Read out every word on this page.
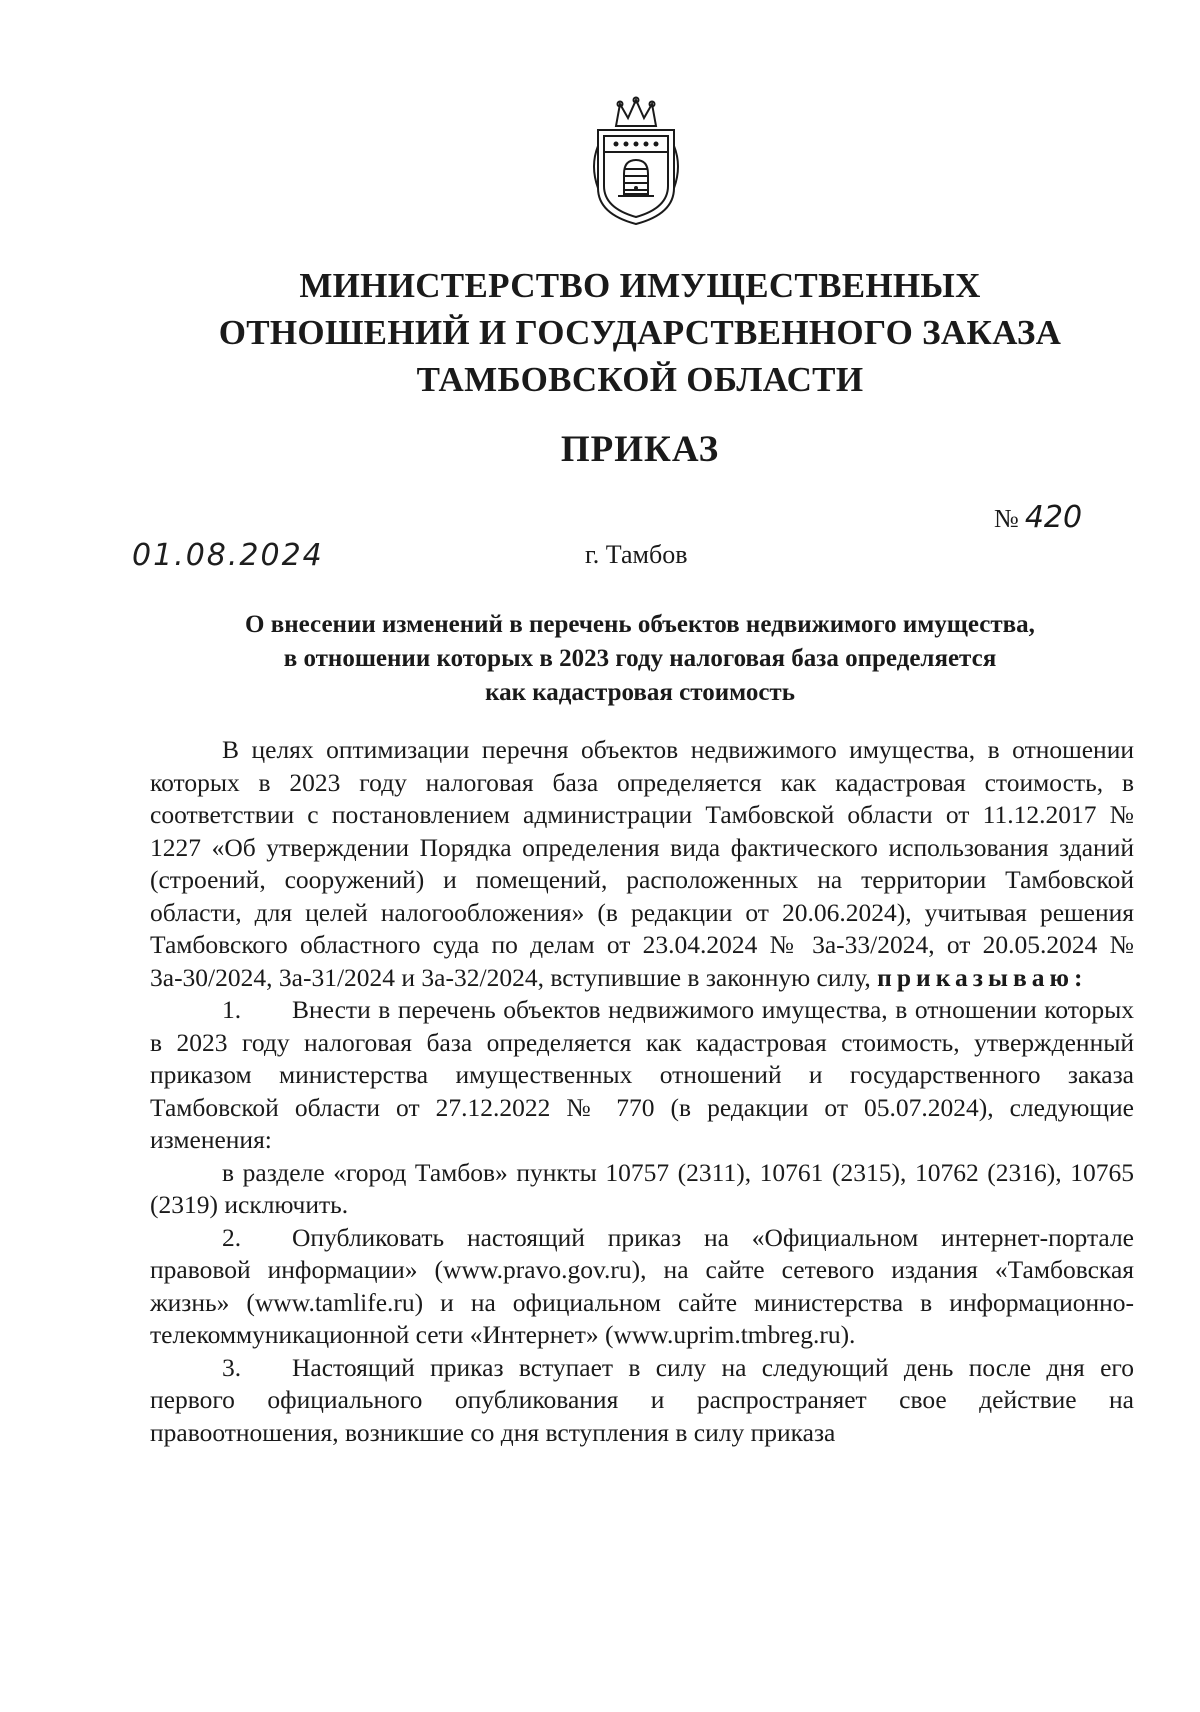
МИНИСТЕРСТВО ИМУЩЕСТВЕННЫХ
ОТНОШЕНИЙ И ГОСУДАРСТВЕННОГО ЗАКАЗА
ТАМБОВСКОЙ ОБЛАСТИ
ПРИКАЗ
№ 420
01.08.2024	г. Тамбов
О внесении изменений в перечень объектов недвижимого имущества,
в отношении которых в 2023 году налоговая база определяется
как кадастровая стоимость

В целях оптимизации перечня объектов недвижимого имущества, в отношении которых в 2023 году налоговая база определяется как кадастровая стоимость, в соответствии с постановлением администрации Тамбовской области от 11.12.2017 № 1227 «Об утверждении Порядка определения вида фактического использования зданий (строений, сооружений) и помещений, расположенных на территории Тамбовской области, для целей налогообложения» (в редакции от 20.06.2024), учитывая решения Тамбовского областного суда по делам от 23.04.2024 № 3а-33/2024, от 20.05.2024 № 3а-30/2024, 3а-31/2024 и 3а-32/2024, вступившие в законную силу, приказываю:

1. Внести в перечень объектов недвижимого имущества, в отношении которых в 2023 году налоговая база определяется как кадастровая стоимость, утвержденный приказом министерства имущественных отношений и государственного заказа Тамбовской области от 27.12.2022 № 770 (в редакции от 05.07.2024), следующие изменения:

в разделе «город Тамбов» пункты 10757 (2311), 10761 (2315), 10762 (2316), 10765 (2319) исключить.

2. Опубликовать настоящий приказ на «Официальном интернет-портале правовой информации» (www.pravo.gov.ru), на сайте сетевого издания «Тамбовская жизнь» (www.tamlife.ru) и на официальном сайте министерства в информационно-телекоммуникационной сети «Интернет» (www.uprim.tmbreg.ru).

3. Настоящий приказ вступает в силу на следующий день после дня его первого официального опубликования и распространяет свое действие на правоотношения, возникшие со дня вступления в силу приказа
